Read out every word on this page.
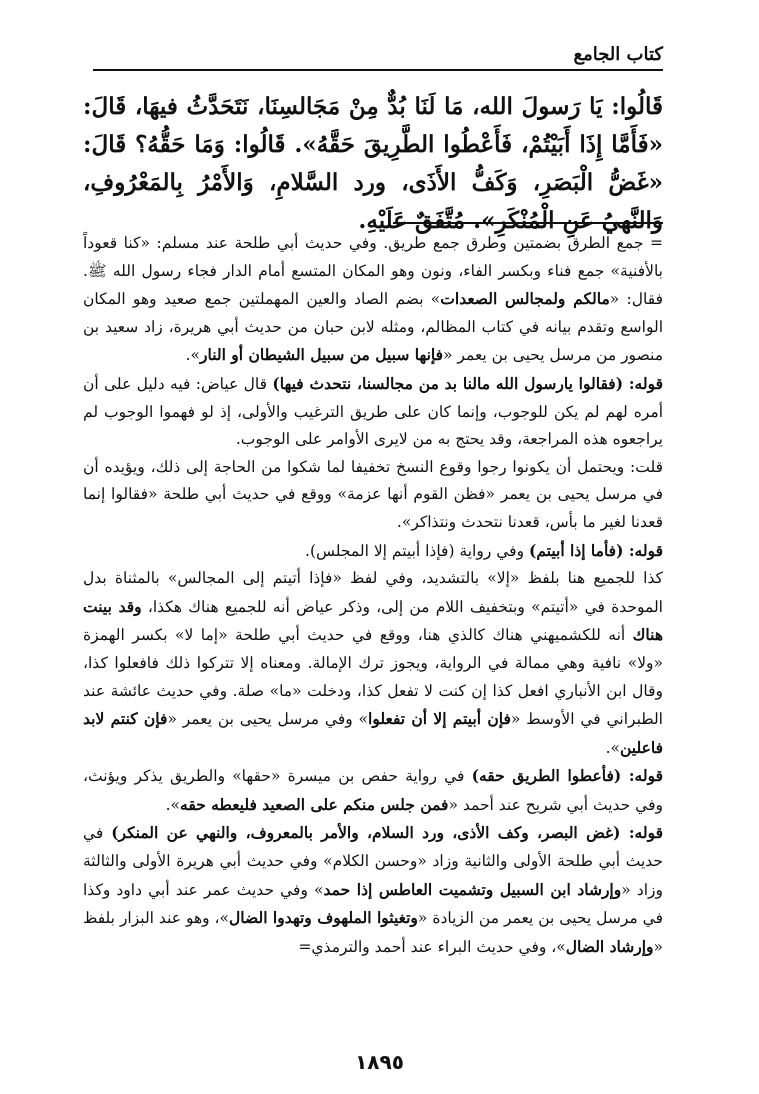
كتاب الجامع
قَالُوا: يَا رَسولَ الله، مَا لَنَا بُدٌّ مِنْ مَجَالسِنَا، نَتَحَدَّثُ فيهَا، قَالَ: «فَأَمَّا إِذَا أَبَيْتُمْ، فَأَعْطُوا الطَّرِيقَ حَقَّهُ». قَالُوا: وَمَا حَقُّهُ؟ قَالَ: «غَضُّ الْبَصَرِ، وَكَفُّ الأَذَى، ورد السَّلامِ، وَالأَمْرُ بِالمَعْرُوفِ، وَالنَّهيُ عَنِ الْمُنْكَرِ». مُتَّفَقٌ عَلَيْهِ.

= جمع الطرق بضمتين وطرق جمع طريق. وفي حديث أبي طلحة عند مسلم: «كنا قعوداً بالأفنية» جمع فناء وبكسر الفاء، ونون وهو المكان المتسع أمام الدار فجاء رسول الله ﷺ. فقال: «مالكم ولمجالس الصعدات» بضم الصاد والعين المهملتين جمع صعيد وهو المكان الواسع وتقدم بيانه في كتاب المظالم، ومثله لابن حبان من حديث أبي هريرة، زاد سعيد بن منصور من مرسل يحيى بن يعمر «فإنها سبيل من سبيل الشيطان أو النار».

قوله: (فقالوا يارسول الله مالنا بد من مجالسنا، نتحدث فيها) قال عياض: فيه دليل على أن أمره لهم لم يكن للوجوب، وإنما كان على طريق الترغيب والأولى، إذ لو فهموا الوجوب لم يراجعوه هذه المراجعة، وقد يحتج به من لايرى الأوامر على الوجوب.

قلت: ويحتمل أن يكونوا رجوا وقوع النسخ تخفيفا لما شكوا من الحاجة إلى ذلك، ويؤيده أن في مرسل يحيى بن يعمر «فظن القوم أنها عزمة» ووقع في حديث أبي طلحة «فقالوا إنما قعدنا لغير ما بأس، قعدنا نتحدث ونتذاكر».

قوله: (فأما إذا أبيتم) وفي رواية (فإذا أبيتم إلا المجلس).

كذا للجميع هنا بلفظ «إلا» بالتشديد، وفي لفظ «فإذا أتيتم إلى المجالس» بالمثناة بدل الموحدة في «أتيتم» وبتخفيف اللام من إلى، وذكر عياض أنه للجميع هناك هكذا، وقد بينت هناك أنه للكشميهني هناك كالذي هنا، ووقع في حديث أبي طلحة «إما لا» بكسر الهمزة «ولا» نافية وهي ممالة في الرواية، ويجوز ترك الإمالة. ومعناه إلا تتركوا ذلك فافعلوا كذا، وقال ابن الأنباري افعل كذا إن كنت لا تفعل كذا، ودخلت «ما» صلة. وفي حديث عائشة عند الطبراني في الأوسط «فإن أبيتم إلا أن تفعلوا» وفي مرسل يحيى بن يعمر «فإن كنتم لابد فاعلين».

قوله: (فأعطوا الطريق حقه) في رواية حفص بن ميسرة «حقها» والطريق يذكر ويؤنث، وفي حديث أبي شريح عند أحمد «فمن جلس منكم على الصعيد فليعطه حقه».

قوله: (غض البصر، وكف الأذى، ورد السلام، والأمر بالمعروف، والنهي عن المنكر) في حديث أبي طلحة الأولى والثانية وزاد «وحسن الكلام» وفي حديث أبي هريرة الأولى والثالثة وزاد «وإرشاد ابن السبيل وتشميت العاطس إذا حمد» وفي حديث عمر عند أبي داود وكذا في مرسل يحيى بن يعمر من الزيادة «وتغيثوا الملهوف وتهدوا الضال»، وهو عند البزار بلفظ «وإرشاد الضال»، وفي حديث البراء عند أحمد والترمذي=

١٨٩٥
